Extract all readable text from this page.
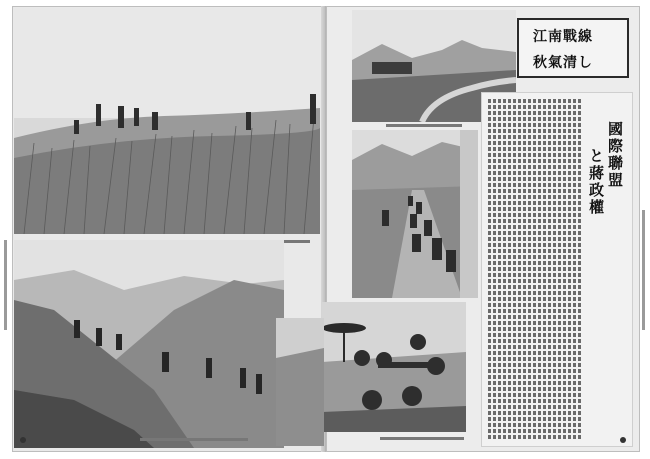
江南戰線
秋氣清し
國際聯盟
と蔣政權
